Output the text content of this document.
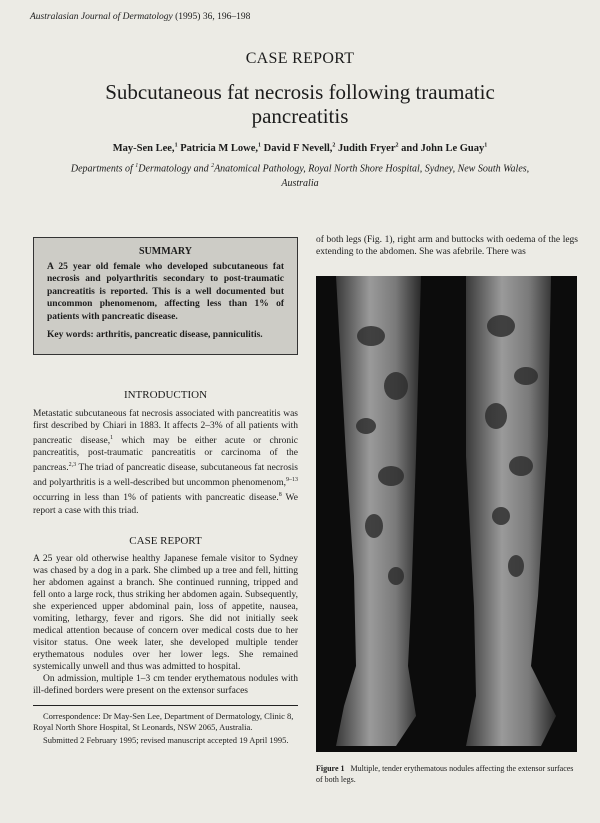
Australasian Journal of Dermatology (1995) 36, 196–198
CASE REPORT
Subcutaneous fat necrosis following traumatic pancreatitis
May-Sen Lee,$^1$ Patricia M Lowe,$^1$ David F Nevell,$^2$ Judith Fryer$^2$ and John Le Guay$^1$
Departments of $^1$Dermatology and $^2$Anatomical Pathology, Royal North Shore Hospital, Sydney, New South Wales, Australia
SUMMARY

A 25 year old female who developed subcutaneous fat necrosis and polyarthritis secondary to post-traumatic pancreatitis is reported. This is a well documented but uncommon phenomenom, affecting less than 1% of patients with pancreatic disease.

Key words: arthritis, pancreatic disease, panniculitis.

INTRODUCTION

Metastatic subcutaneous fat necrosis associated with pancreatitis was first described by Chiari in 1883. It affects 2–3% of all patients with pancreatic disease,$^1$ which may be either acute or chronic pancreatitis, post-traumatic pancreatitis or carcinoma of the pancreas.$^{2,3}$ The triad of pancreatic disease, subcutaneous fat necrosis and polyarthritis is a well-described but uncommon phenomenom,$^{9-13}$ occurring in less than 1% of patients with pancreatic disease.$^8$ We report a case with this triad.

CASE REPORT

A 25 year old otherwise healthy Japanese female visitor to Sydney was chased by a dog in a park. She climbed up a tree and fell, hitting her abdomen against a branch. She continued running, tripped and fell onto a large rock, thus striking her abdomen again. Subsequently, she experienced upper abdominal pain, loss of appetite, nausea, vomiting, lethargy, fever and rigors. She did not initially seek medical attention because of concern over medical costs due to her visitor status. One week later, she developed multiple tender erythematous nodules over her lower legs. She remained systemically unwell and thus was admitted to hospital.

On admission, multiple 1–3 cm tender erythematous nodules with ill-defined borders were present on the extensor surfaces

Correspondence: Dr May-Sen Lee, Department of Dermatology, Clinic 8, Royal North Shore Hospital, St Leonards, NSW 2065, Australia.

Submitted 2 February 1995; revised manuscript accepted 19 April 1995.

of both legs (Fig. 1), right arm and buttocks with oedema of the legs extending to the abdomen. She was afebrile. There was
Figure 1 Multiple, tender erythematous nodules affecting the extensor surfaces of both legs.
